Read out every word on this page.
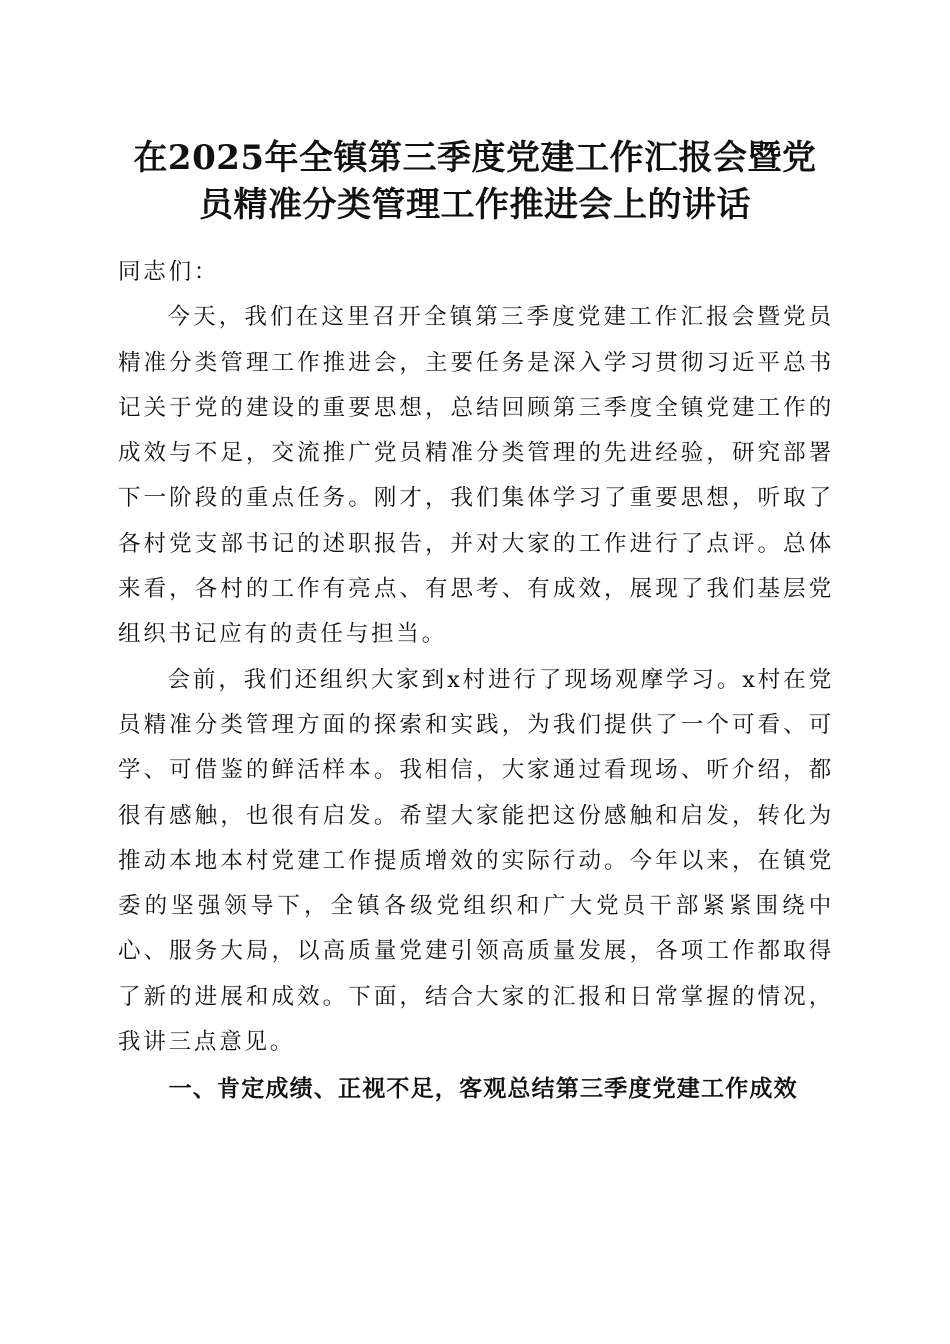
在2025年全镇第三季度党建工作汇报会暨党
员精准分类管理工作推进会上的讲话

同志们：

今天，我们在这里召开全镇第三季度党建工作汇报会暨党员精准分类管理工作推进会，主要任务是深入学习贯彻习近平总书记关于党的建设的重要思想，总结回顾第三季度全镇党建工作的成效与不足，交流推广党员精准分类管理的先进经验，研究部署下一阶段的重点任务。刚才，我们集体学习了重要思想，听取了各村党支部书记的述职报告，并对大家的工作进行了点评。总体来看，各村的工作有亮点、有思考、有成效，展现了我们基层党组织书记应有的责任与担当。

会前，我们还组织大家到x村进行了现场观摩学习。x村在党员精准分类管理方面的探索和实践，为我们提供了一个可看、可学、可借鉴的鲜活样本。我相信，大家通过看现场、听介绍，都很有感触，也很有启发。希望大家能把这份感触和启发，转化为推动本地本村党建工作提质增效的实际行动。今年以来，在镇党委的坚强领导下，全镇各级党组织和广大党员干部紧紧围绕中心、服务大局，以高质量党建引领高质量发展，各项工作都取得了新的进展和成效。下面，结合大家的汇报和日常掌握的情况，我讲三点意见。

一、肯定成绩、正视不足，客观总结第三季度党建工作成效
